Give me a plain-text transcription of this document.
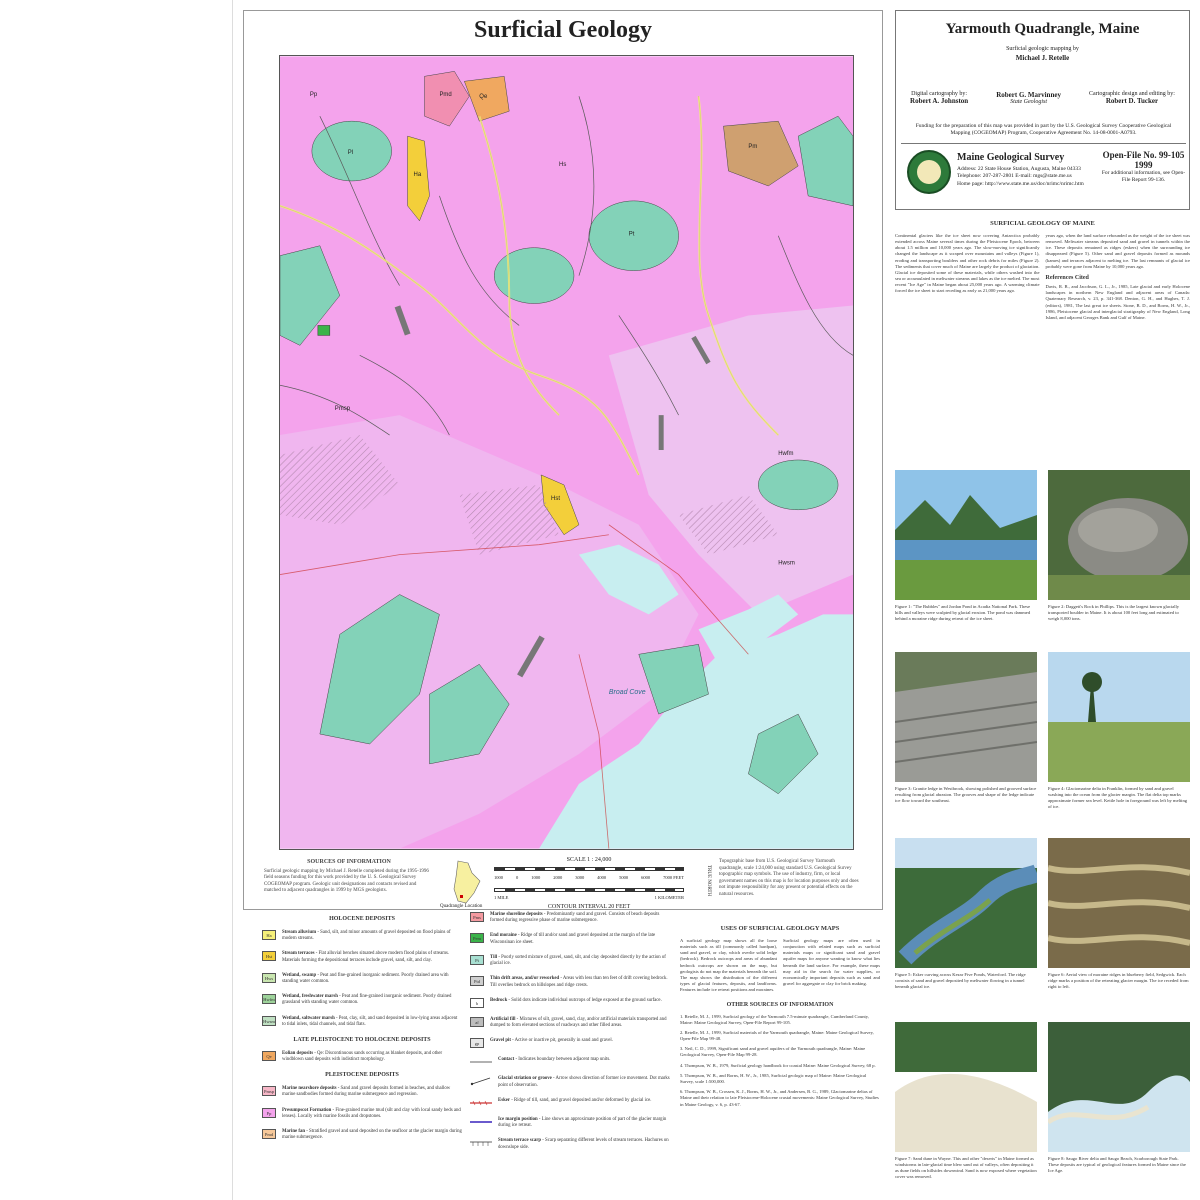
Surficial Geology
Pp
Pl
Hs
Ha
Hst
Pm
Pmd
Hwsm
Pmsp
Pt
Qe
Hwfm
Broad Cove
SOURCES OF INFORMATION

Surficial geologic mapping by Michael J. Retelle completed during the 1995-1996 field seasons funding for this work provided by the U. S. Geological Survey COGEOMAP program. Geologic unit designations and contacts revised and matched to adjacent quadrangles in 1999 by MGS geologists.

Quadrangle Location
SCALE 1 : 24,000
1000	0	1000	2000	3000	4000	5000	6000	7000 FEET
1 MILE	1 KILOMETER
CONTOUR INTERVAL 20 FEET
TRUE NORTH
Topographic base from U.S. Geological Survey Yarmouth quadrangle, scale 1:24,000 using standard U.S. Geological Survey topographic map symbols. The use of industry, firm, or local government names on this map is for location purposes only and does not impute responsibility for any present or potential effects on the natural resources.
Yarmouth Quadrangle, Maine
Surficial geologic mapping by
Michael J. Retelle
Digital cartography by:
Robert A. Johnston
Robert G. Marvinney
State Geologist
Cartographic design and editing by:
Robert D. Tucker
Funding for the preparation of this map was provided in part by the U.S. Geological Survey Cooperative Geological Mapping (COGEOMAP) Program, Cooperative Agreement No. 14-08-0001-A0793.
Maine Geological Survey
Address: 22 State House Station, Augusta, Maine 04333
Telephone: 207-287-2801 E-mail: mgs@state.me.us
Home page: http://www.state.me.us/doc/nrimc/nrimc.htm
Open-File No. 99-105
1999
For additional information, see Open-File Report 99-136.
SURFICIAL GEOLOGY OF MAINE
Continental glaciers like the ice sheet now covering Antarctica probably extended across Maine several times during the Pleistocene Epoch, between about 1.5 million and 10,000 years ago. The slow-moving ice significantly changed the landscape as it scraped over mountains and valleys (Figure 1), eroding and transporting boulders and other rock debris for miles (Figure 2). The sediments that cover much of Maine are largely the product of glaciation. Glacial ice deposited some of these materials, while others washed into the sea or accumulated in meltwater streams and lakes as the ice melted. The most recent "Ice Age" in Maine began about 25,000 years ago. A warming climate forced the ice sheet to start receding as early as 21,000 years ago.

years ago, when the land surface rebounded as the weight of the ice sheet was removed. Meltwater streams deposited sand and gravel in tunnels within the ice. These deposits remained as ridges (eskers) when the surrounding ice disappeared (Figure 5). Other sand and gravel deposits formed as mounds (kames) and terraces adjacent to melting ice. The last remnants of glacial ice probably were gone from Maine by 10,000 years ago.

References Cited

Davis, R. B., and Jacobson, G. L., Jr., 1985, Late glacial and early Holocene landscapes in northern New England and adjacent areas of Canada: Quaternary Research, v. 23, p. 341-368. Denton, G. H., and Hughes, T. J. (editors), 1981, The last great ice sheets. Stone, B. D., and Borns, H. W., Jr., 1986, Pleistocene glacial and interglacial stratigraphy of New England, Long Island, and adjacent Georges Bank and Gulf of Maine.

Figure 1: "The Bubbles" and Jordan Pond in Acadia National Park. These hills and valleys were sculpted by glacial erosion. The pond was dammed behind a moraine ridge during retreat of the ice sheet.
Figure 2: Daggett's Rock in Phillips. This is the largest known glacially transported boulder in Maine. It is about 100 feet long and estimated to weigh 8,000 tons.
Figure 3: Granite ledge in Westbrook, showing polished and grooved surface resulting from glacial abrasion. The grooves and shape of the ledge indicate ice flow toward the southeast.
Figure 4: Glaciomarine delta in Franklin, formed by sand and gravel washing into the ocean from the glacier margin. The flat delta top marks approximate former sea level. Kettle hole in foreground was left by melting of ice.
Figure 5: Esker curving across Kezar Five Ponds, Waterford. The ridge consists of sand and gravel deposited by meltwater flowing in a tunnel beneath glacial ice.
Figure 6: Aerial view of moraine ridges in blueberry field, Sedgwick. Each ridge marks a position of the retreating glacier margin. The ice receded from right to left.
Figure 7: Sand dune in Wayne. This and other "deserts" in Maine formed as windstorms in late-glacial time blew sand out of valleys, often depositing it as dune fields on hillsides downwind. Sand is now exposed where vegetation cover was removed.
Figure 8: Saugo River delta and Saugo Beach, Scarborough State Park. These deposits are typical of geological features formed in Maine since the Ice Age.
HOLOCENE DEPOSITS
Ha
Stream alluvium - Sand, silt, and minor amounts of gravel deposited on flood plains of modern streams.
Hst
Stream terraces - Flat alluvial benches situated above modern flood plains of streams. Materials forming the depositional terraces include gravel, sand, silt, and clay.
Hws
Wetland, swamp - Peat and fine-grained inorganic sediment. Poorly drained area with standing water common.
Hwfm
Wetland, freshwater marsh - Peat and fine-grained inorganic sediment. Poorly drained grassland with standing water common.
Hwsm
Wetland, saltwater marsh - Peat, clay, silt, and sand deposited in low-lying areas adjacent to tidal inlets, tidal channels, and tidal flats.
LATE PLEISTOCENE TO HOLOCENE DEPOSITS
Qe
Eolian deposits - Qe: Discontinuous sands occurring as blanket deposits, and other windblown sand deposits with indistinct morphology.
PLEISTOCENE DEPOSITS
Pmsp
Marine nearshore deposits - Sand and gravel deposits formed in beaches, and shallow marine sandbodies formed during marine submergence and regression.
Pp
Presumpscot Formation - Fine-grained marine mud (silt and clay with local sandy beds and lenses). Locally with marine fossils and dropstones.
Pmd
Marine fan - Stratified gravel and sand deposited on the seafloor at the glacier margin during marine submergence.
Pms
Marine shoreline deposits - Predominantly sand and gravel. Consists of beach deposits formed during regressive phase of marine submergence.
Pem
End moraine - Ridge of till and/or sand and gravel deposited at the margin of the late Wisconsinan ice sheet.
Pt
Till - Poorly sorted mixture of gravel, sand, silt, and clay deposited directly by the action of glacial ice.
Ptd
Thin drift areas, and/or reworked - Areas with less than ten feet of drift covering bedrock. Till overlies bedrock on hillslopes and ridge crests.
b
Bedrock - Solid dots indicate individual outcrops of ledge exposed at the ground surface.
af
Artificial fill - Mixtures of silt, gravel, sand, clay, and/or artificial materials transported and dumped to form elevated sections of roadways and other filled areas.
gp
Gravel pit - Active or inactive pit, generally in sand and gravel.
Contact - Indicates boundary between adjacent map units.
Glacial striation or groove - Arrow shows direction of former ice movement. Dot marks point of observation.
Esker - Ridge of till, sand, and gravel deposited and/or deformed by glacial ice.
Ice margin position - Line shows an approximate position of part of the glacier margin during ice retreat.
Stream terrace scarp - Scarp separating different levels of stream terraces. Hachures on downslope side.
USES OF SURFICIAL GEOLOGY MAPS
A surficial geology map shows all the loose materials such as till (commonly called hardpan), sand and gravel, or clay, which overlie solid ledge (bedrock). Bedrock outcrops and areas of abundant bedrock outcrops are shown on the map, but geologists do not map the materials beneath the soil. The map shows the distribution of the different types of glacial features, deposits, and landforms. Features include ice retreat positions and moraines.
Surficial geology maps are often used in conjunction with related maps such as surficial materials maps or significant sand and gravel aquifer maps for anyone wanting to know what lies beneath the land surface. For example, these maps may aid in the search for water supplies, or economically important deposits such as sand and gravel for aggregate or clay for brick making.
OTHER SOURCES OF INFORMATION

1. Retelle, M. J., 1999, Surficial geology of the Yarmouth 7.5-minute quadrangle, Cumberland County, Maine: Maine Geological Survey, Open-File Report 99-105.

2. Retelle, M. J., 1999, Surficial materials of the Yarmouth quadrangle, Maine: Maine Geological Survey, Open-File Map 99-48.

3. Neil, C. D., 1999, Significant sand and gravel aquifers of the Yarmouth quadrangle, Maine: Maine Geological Survey, Open-File Map 99-28.

4. Thompson, W. B., 1979, Surficial geology handbook for coastal Maine: Maine Geological Survey, 68 p.

5. Thompson, W. B., and Borns, H. W., Jr., 1985, Surficial geologic map of Maine: Maine Geological Survey, scale 1:500,000.

6. Thompson, W. B., Crossen, K. J., Borns, H. W., Jr., and Andersen, B. G., 1989, Glaciomarine deltas of Maine and their relation to late Pleistocene-Holocene crustal movements: Maine Geological Survey, Studies in Maine Geology, v. 6, p. 43-67.
